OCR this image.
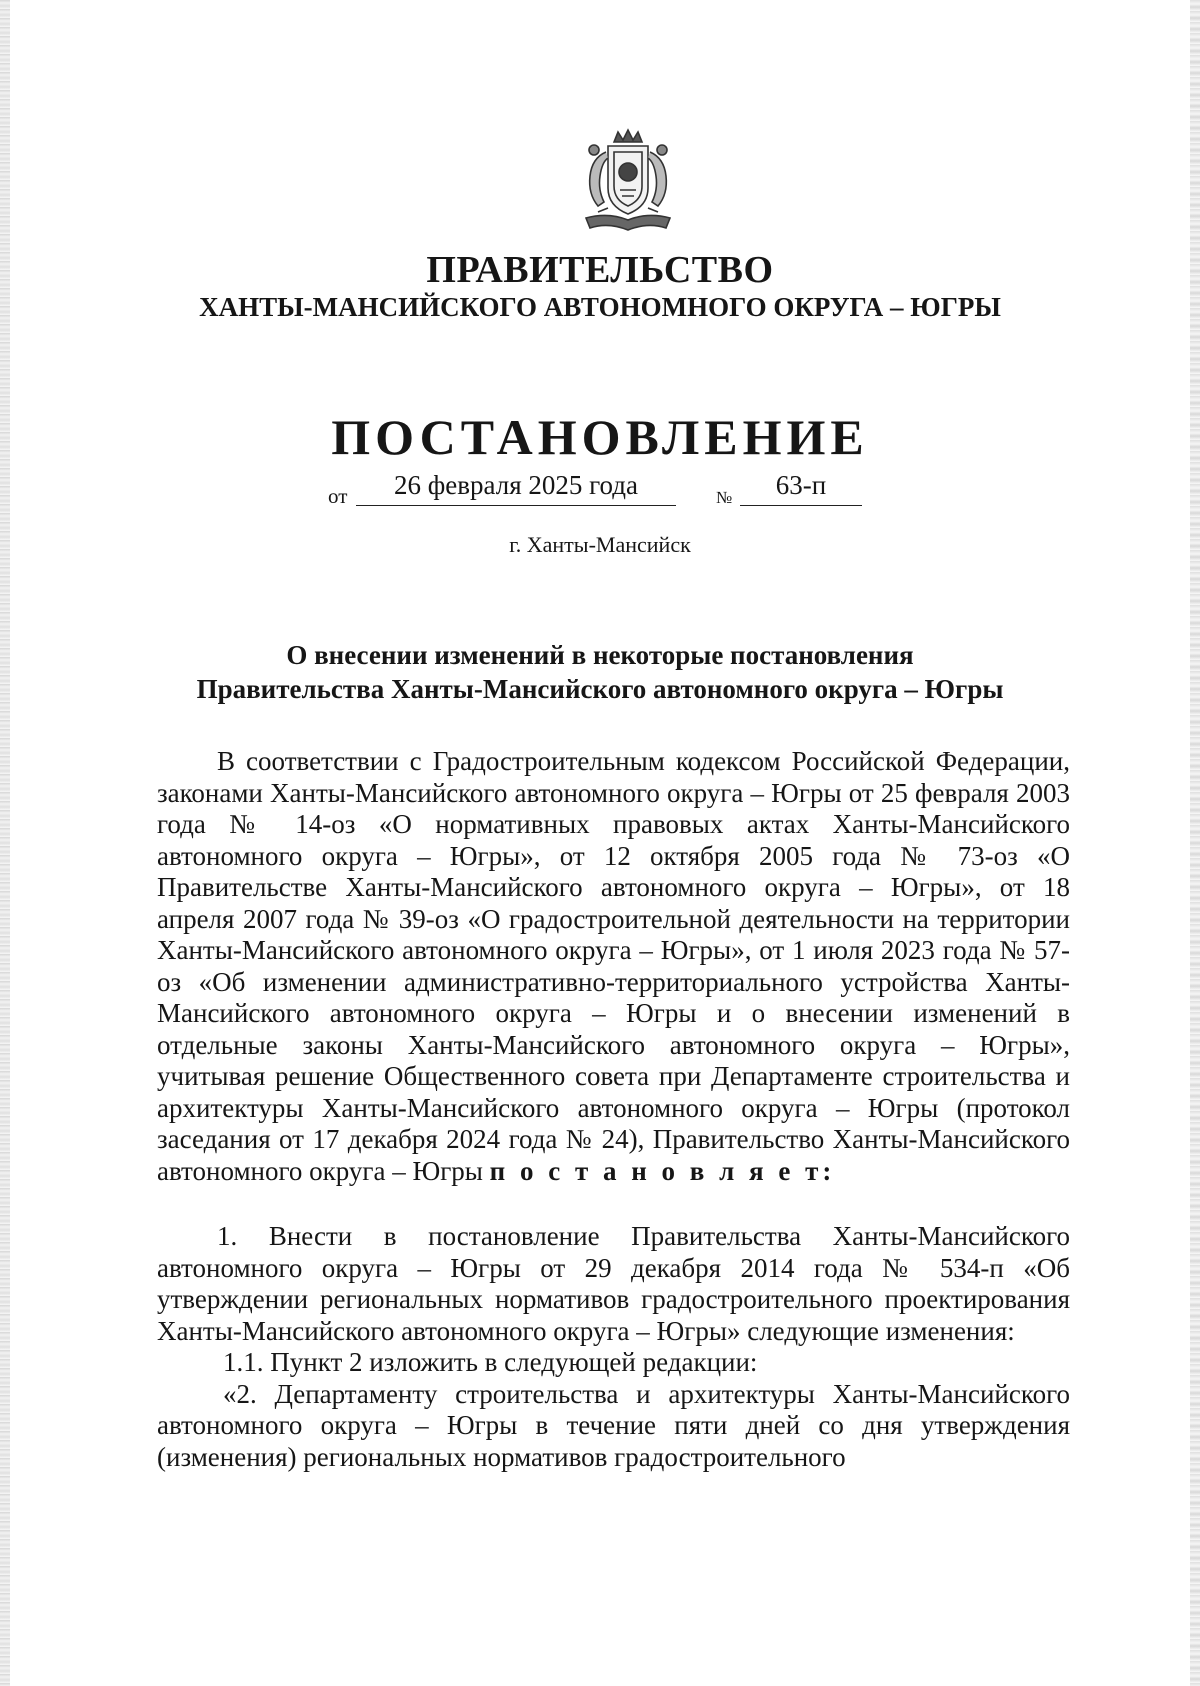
ПРАВИТЕЛЬСТВО
ХАНТЫ-МАНСИЙСКОГО АВТОНОМНОГО ОКРУГА – ЮГРЫ
ПОСТАНОВЛЕНИЕ
от	26 февраля 2025 года	№	63-п
г. Ханты-Мансийск
О внесении изменений в некоторые постановления
Правительства Ханты-Мансийского автономного округа – Югры

В соответствии с Градостроительным кодексом Российской Федерации, законами Ханты-Мансийского автономного округа – Югры от 25 февраля 2003 года № 14-оз «О нормативных правовых актах Ханты-Мансийского автономного округа – Югры», от 12 октября 2005 года № 73-оз «О Правительстве Ханты-Мансийского автономного округа – Югры», от 18 апреля 2007 года № 39-оз «О градостроительной деятельности на территории Ханты-Мансийского автономного округа – Югры», от 1 июля 2023 года № 57-оз «Об изменении административно-территориального устройства Ханты-Мансийского автономного округа – Югры и о внесении изменений в отдельные законы Ханты-Мансийского автономного округа – Югры», учитывая решение Общественного совета при Департаменте строительства и архитектуры Ханты-Мансийского автономного округа – Югры (протокол заседания от 17 декабря 2024 года № 24), Правительство Ханты-Мансийского автономного округа – Югры п о с т а н о в л я е т:

1. Внести в постановление Правительства Ханты-Мансийского автономного округа – Югры от 29 декабря 2014 года № 534-п «Об утверждении региональных нормативов градостроительного проектирования Ханты-Мансийского автономного округа – Югры» следующие изменения:

1.1. Пункт 2 изложить в следующей редакции:

«2. Департаменту строительства и архитектуры Ханты-Мансийского автономного округа – Югры в течение пяти дней со дня утверждения (изменения) региональных нормативов градостроительного
